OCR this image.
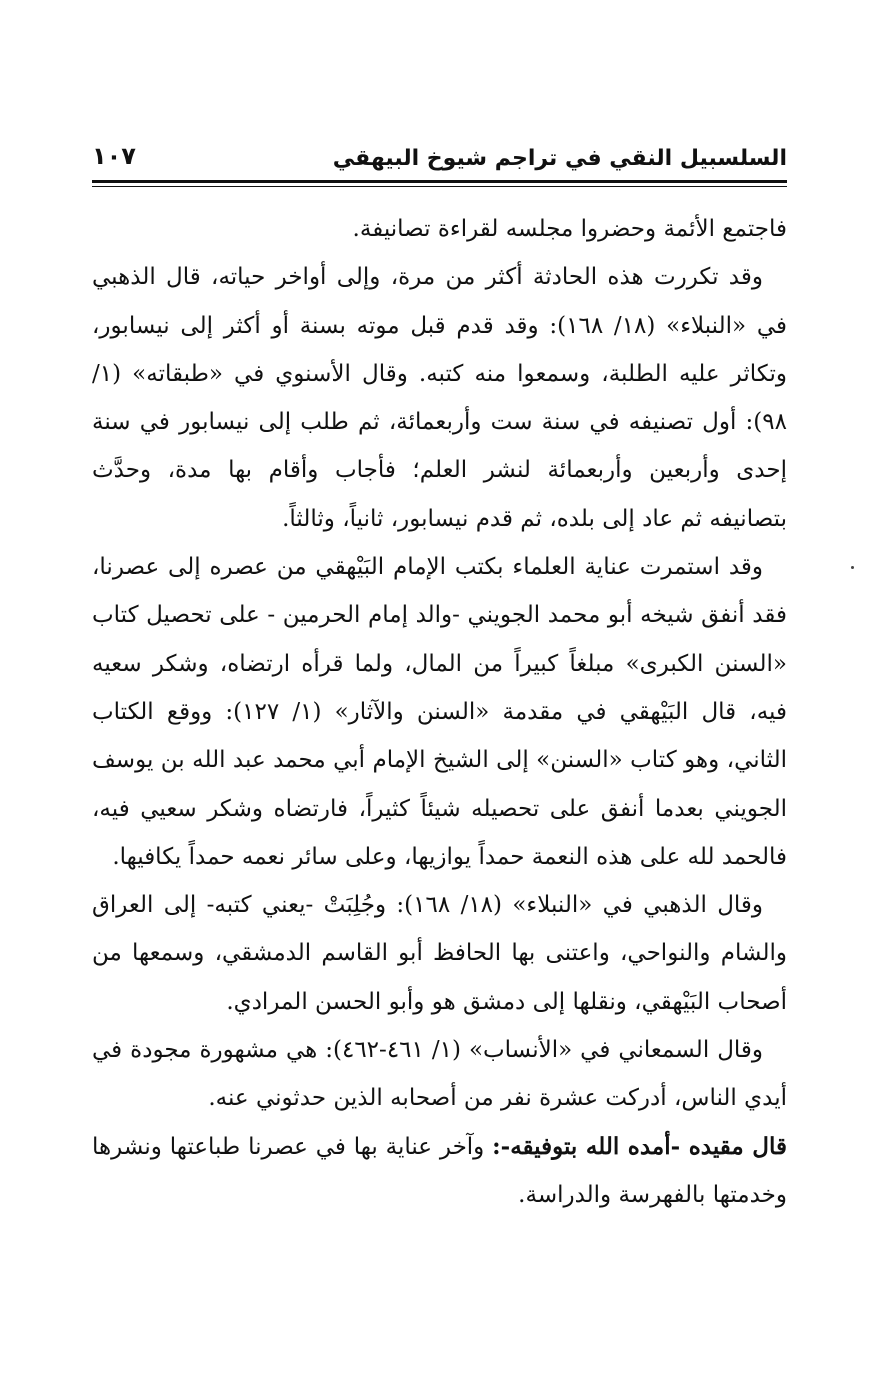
السلسبيل النقي في تراجم شيوخ البيهقي
١٠٧

فاجتمع الأئمة وحضروا مجلسه لقراءة تصانيفة.

وقد تكررت هذه الحادثة أكثر من مرة، وإلى أواخر حياته، قال الذهبي في «النبلاء» (١٨/ ١٦٨): وقد قدم قبل موته بسنة أو أكثر إلى نيسابور، وتكاثر عليه الطلبة، وسمعوا منه كتبه. وقال الأسنوي في «طبقاته» (١/ ٩٨): أول تصنيفه في سنة ست وأربعمائة، ثم طلب إلى نيسابور في سنة إحدى وأربعين وأربعمائة لنشر العلم؛ فأجاب وأقام بها مدة، وحدَّث بتصانيفه ثم عاد إلى بلده، ثم قدم نيسابور، ثانياً، وثالثاً.

وقد استمرت عناية العلماء بكتب الإمام البَيْهقي من عصره إلى عصرنا، فقد أنفق شيخه أبو محمد الجويني -والد إمام الحرمين - على تحصيل كتاب «السنن الكبرى» مبلغاً كبيراً من المال، ولما قرأه ارتضاه، وشكر سعيه فيه، قال البَيْهقي في مقدمة «السنن والآثار» (١/ ١٢٧): ووقع الكتاب الثاني، وهو كتاب «السنن» إلى الشيخ الإمام أبي محمد عبد الله بن يوسف الجويني بعدما أنفق على تحصيله شيئاً كثيراً، فارتضاه وشكر سعيي فيه، فالحمد لله على هذه النعمة حمداً يوازيها، وعلى سائر نعمه حمداً يكافيها.

وقال الذهبي في «النبلاء» (١٨/ ١٦٨): وجُلِبَتْ -يعني كتبه- إلى العراق والشام والنواحي، واعتنى بها الحافظ أبو القاسم الدمشقي، وسمعها من أصحاب البَيْهقي، ونقلها إلى دمشق هو وأبو الحسن المرادي.

وقال السمعاني في «الأنساب» (١/ ٤٦١-٤٦٢): هي مشهورة مجودة في أيدي الناس، أدركت عشرة نفر من أصحابه الذين حدثوني عنه.

قال مقيده -أمده الله بتوفيقه-: وآخر عناية بها في عصرنا طباعتها ونشرها وخدمتها بالفهرسة والدراسة.
